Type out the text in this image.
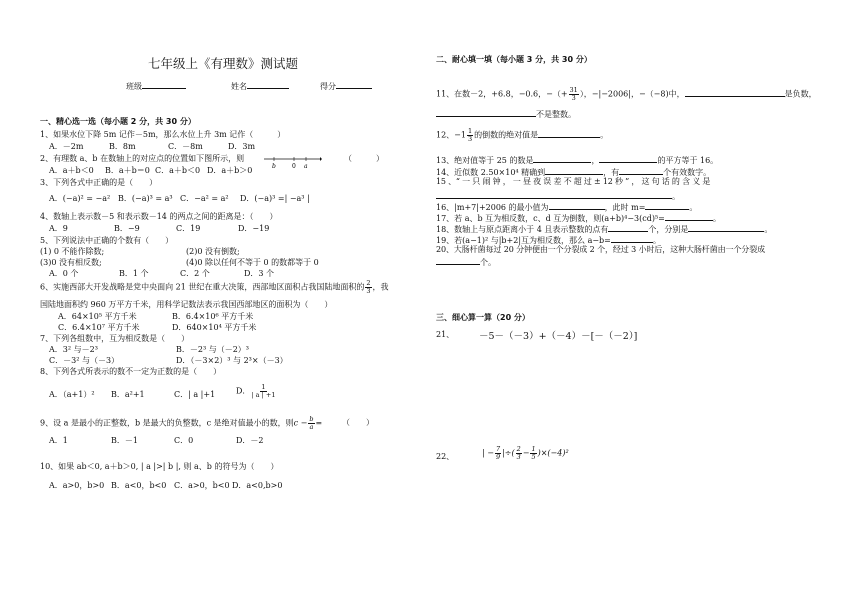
七年级上《有理数》测试题
班级	姓名	得分
一、精心选一选（每小题 2 分，共 30 分）
1、如果水位下降 5m 记作－5m，那么水位上升 3m 记作（　　　）
A．－2m	B．8m	C．－8m	D．3m
2、有理数 a、b 在数轴上的对应点的位置如下图所示，则
b	0 a
（　　　）
A．a＋b＜0 B．a＋b＝0 C．a＋b＜0 D．a＋b＞0
3、下列各式中正确的是（　　）
A．(−a)² = −a² B．(−a)³ = a³ C．−a² = a² D．(−a)³ =| −a³ |
4、数轴上表示数－5 和表示数－14 的两点之间的距离是：（　　）
A．9	B．−9	C．19	D．−19
5、下列说法中正确的个数有（　　）
(1) 0 不能作除数;	(2)0 没有倒数;
(3)0 没有相反数;	(4)0 除以任何不等于 0 的数都等于 0
A．0 个	B．1 个	C．2 个	D．3 个
6、实施西部大开发战略是党中央面向 21 世纪在重大决策，西部地区面积占我国陆地面积的 $\frac{2}{3}$ ，我
国陆地面积约 960 万平方千米，用科学记数法表示我国西部地区的面积为（　　）
A．64×10⁵ 平方千米	B．6.4×10⁶ 平方千米
C．6.4×10⁷ 平方千米	D．640×10⁴ 平方千米
7、下列各组数中，互为相反数是（　　）
A．3² 与－2³	B．－2³ 与（－2）³
C．－3² 与（－3）	D．（－3×2）³ 与 2³×（－3）
8、下列各式所表示的数不一定为正数的是（　　）
A．（a+1）² B．a²+1	C．| a |+1	D． $\frac{1}{| a | +1}$
9、设 a 是最小的正整数，b 是最大的负整数，c 是绝对值最小的数，则$c - \frac{b}{a}$ = （　　）
A．1	B．－1	C．0	D．－2
10、如果 ab＜0, a＋b＞0, | a |>| b |, 则 a、b 的符号为（　　）
A．a>0，b>0 B．a<0，b<0 C．a>0，b<0 D．a<0,b>0
二、耐心填一填（每小题 3 分，共 30 分）
11、在数－2，+6.8，−0.6，−（+ $\frac{31}{3}$ ），−|−2006|，−（−8)中，	是负数，
不是整数。
12、$-1 \frac{1}{3}$ 的倒数的绝对值是	。
13、绝对值等于 25 的数是	，	的平方等于 16。
14、近似数 2.50×10⁴ 精确到	，有	个有效数字。
15 、“ 一 只 闹 钟 ， 一 昼 夜 误 差 不 超 过 ± 12 秒 ” ， 这 句 话 的 含 义 是
。
16、|m+7|+2006 的最小值为	，此时 m=	。
17、若 a、b 互为相反数，c、d 互为倒数，则(a+b)⁴−3(cd)⁵=	。
18、数轴上与原点距离小于 4 且表示整数的点有	个，分别是	。
19、若(a−1)² 与|b+2|互为相反数，那么 a−b=	。
20、大肠杆菌每过 20 分钟便由一个分裂成 2 个，经过 3 小时后，这种大肠杆菌由一个分裂成
个。
三、细心算一算（20 分）
21、	－5－（－3）+（－4）－[－（－2）]
22、	| − $\frac{7}{9}$ |÷( $\frac{2}{3} - \frac{1}{5} )\times(-4)^2$
